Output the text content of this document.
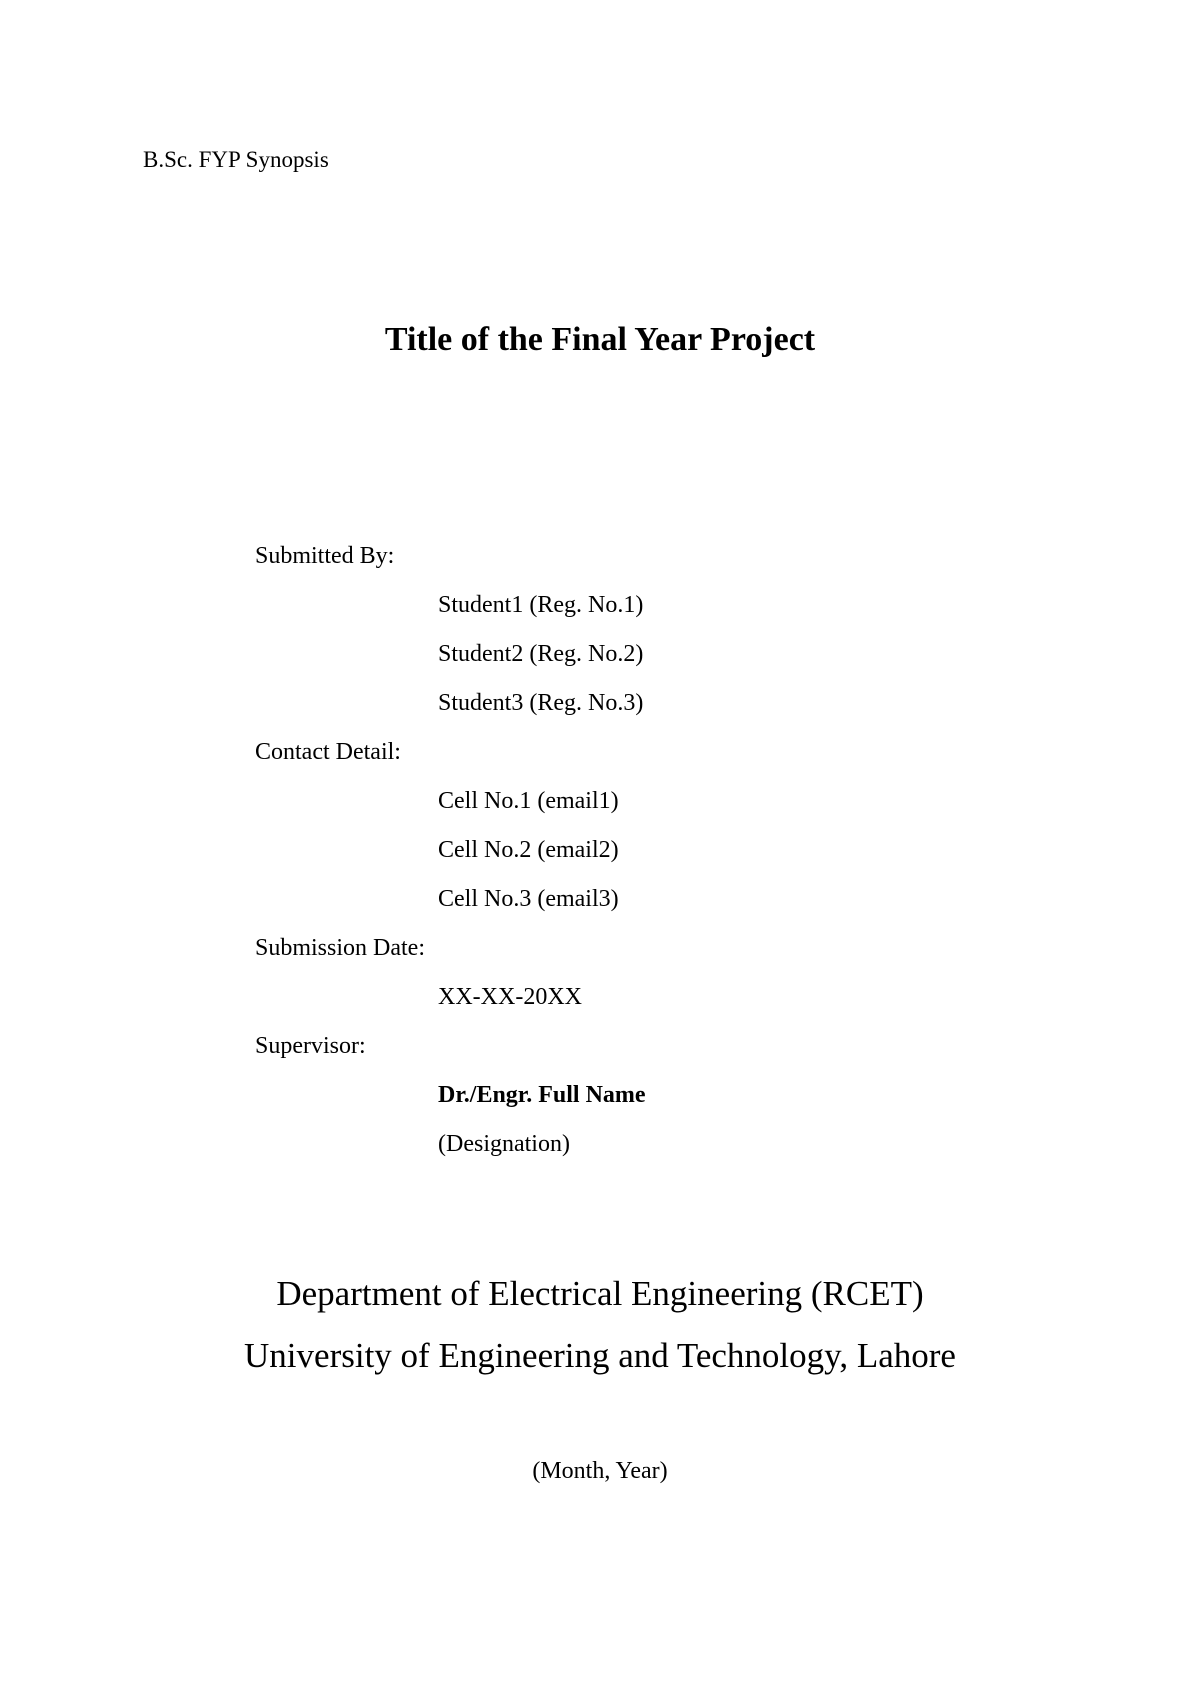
B.Sc. FYP Synopsis
Title of the Final Year Project
Submitted By:
Student1 (Reg. No.1)
Student2 (Reg. No.2)
Student3 (Reg. No.3)
Contact Detail:
Cell No.1 (email1)
Cell No.2 (email2)
Cell No.3 (email3)
Submission Date:
XX-XX-20XX
Supervisor:
Dr./Engr. Full Name
(Designation)
Department of Electrical Engineering (RCET)
University of Engineering and Technology, Lahore
(Month, Year)
